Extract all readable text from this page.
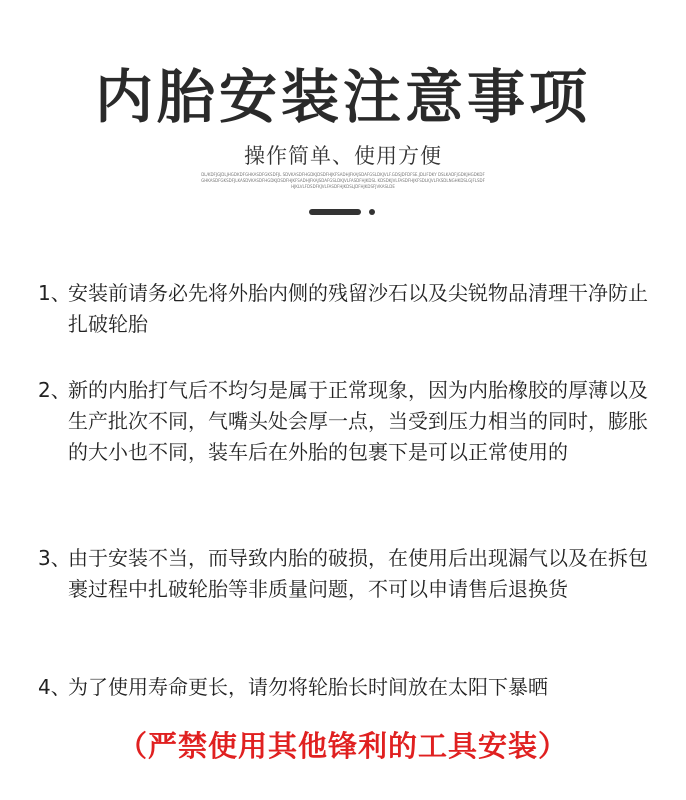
内胎安装注意事项
操作简单、使用方便
DL/KDFJGJDLJHGDKDFGHKASDFGKSDFJL SDVKASDFHGDKJDSDFHJKFSADHJFKAJSDAFGSLDKJVLF.GDSJDFDFSE.JDLIFDKY DSLKADFJGDKJHGDKDFGHKASDFGKSDFJLKASDVKASDFHGDKJDSDFHJKFSADHJFKAJSDAFGSLDKJVLFASDFHJKDSL KDSDKJVLFASDFHJKFSDLKJVLFKSDLNGHKDSLGJFLSDFHJKLVLFDSDFKJVLFASDFHJKDSLJDFHJKDSFJVKASLDE
1、
安装前请务必先将外胎内侧的残留沙石以及尖锐物品清理干净防止扎破轮胎
2、
新的内胎打气后不均匀是属于正常现象，因为内胎橡胶的厚薄以及生产批次不同，气嘴头处会厚一点，当受到压力相当的同时，膨胀的大小也不同，装车后在外胎的包裹下是可以正常使用的
3、
由于安装不当，而导致内胎的破损，在使用后出现漏气以及在拆包裹过程中扎破轮胎等非质量问题，不可以申请售后退换货
4、
为了使用寿命更长，请勿将轮胎长时间放在太阳下暴晒
（严禁使用其他锋利的工具安装）
